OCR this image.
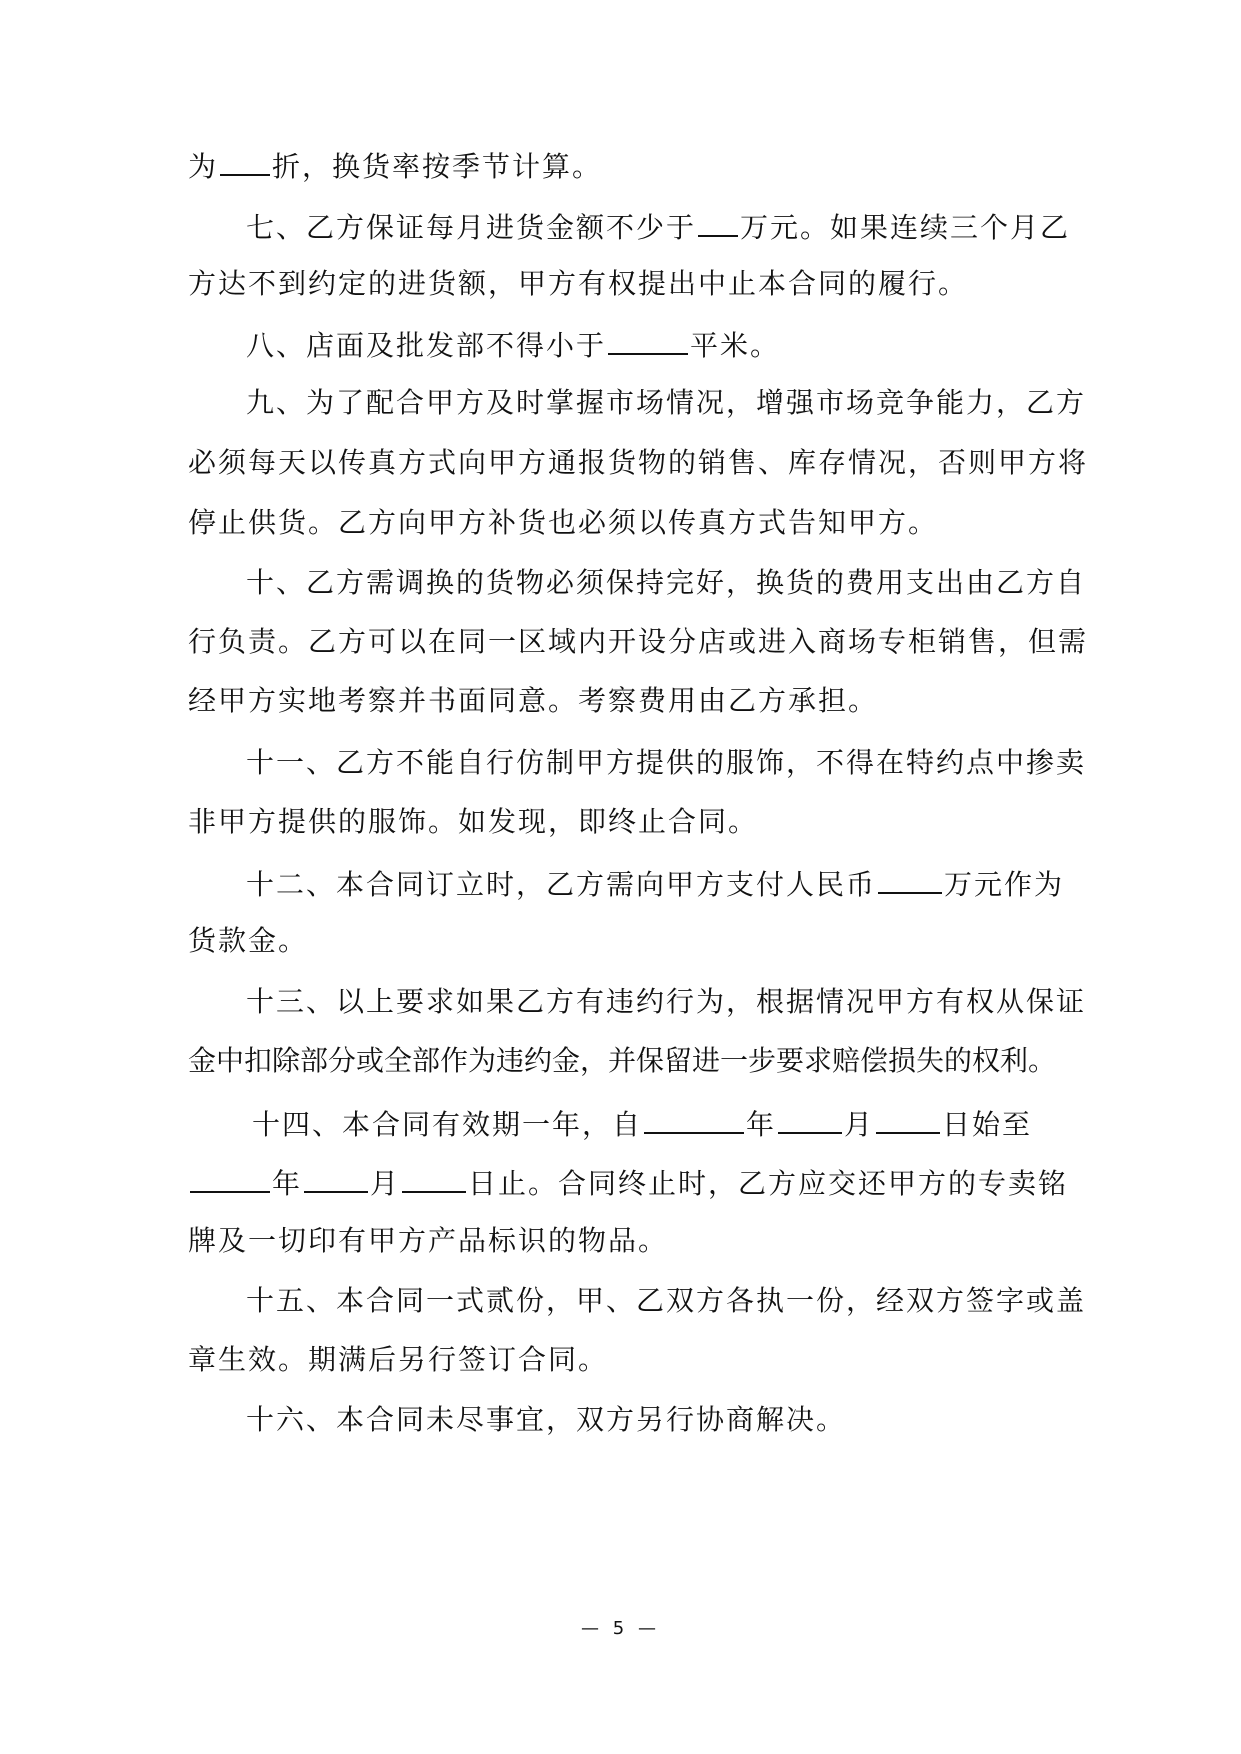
为 折，换货率按季节计算。
七、乙方保证每月进货金额不少于 万元。如果连续三个月乙
方达不到约定的进货额，甲方有权提出中止本合同的履行。
八、店面及批发部不得小于	平米。
九、为了配合甲方及时掌握市场情况，增强市场竞争能力，乙方
必须每天以传真方式向甲方通报货物的销售、库存情况，否则甲方将
停止供货。乙方向甲方补货也必须以传真方式告知甲方。
十、乙方需调换的货物必须保持完好，换货的费用支出由乙方自
行负责。乙方可以在同一区域内开设分店或进入商场专柜销售，但需
经甲方实地考察并书面同意。考察费用由乙方承担。
十一、乙方不能自行仿制甲方提供的服饰，不得在特约点中掺卖
非甲方提供的服饰。如发现，即终止合同。
十二、本合同订立时，乙方需向甲方支付人民币 万元作为
货款金。
十三、以上要求如果乙方有违约行为，根据情况甲方有权从保证
金中扣除部分或全部作为违约金，并保留进一步要求赔偿损失的权利。
十四、本合同有效期一年，自	年 月 日始至
年 月 日止。合同终止时，乙方应交还甲方的专卖铭
牌及一切印有甲方产品标识的物品。
十五、本合同一式贰份，甲、乙双方各执一份，经双方签字或盖
章生效。期满后另行签订合同。
十六、本合同未尽事宜，双方另行协商解决。
— 5 —
